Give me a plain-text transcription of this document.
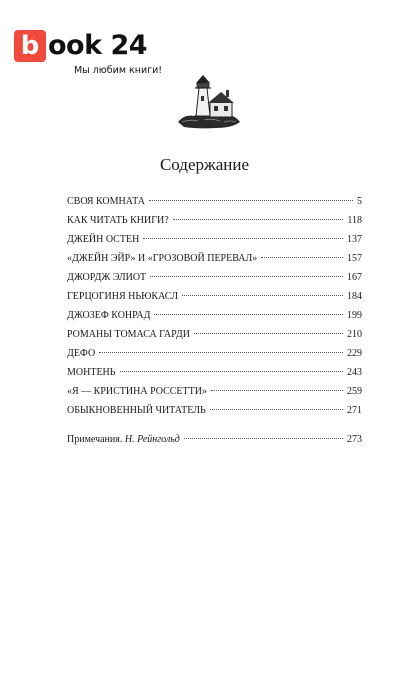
b ook 24
Мы любим книги!
Содержание
СВОЯ КОМНАТА	5
КАК ЧИТАТЬ КНИГИ?	118
ДЖЕЙН ОСТЕН	137
«ДЖЕЙН ЭЙР» И «ГРОЗОВОЙ ПЕРЕВАЛ»	157
ДЖОРДЖ ЭЛИОТ	167
ГЕРЦОГИНЯ НЬЮКАСЛ	184
ДЖОЗЕФ КОНРАД	199
РОМАНЫ ТОМАСА ГАРДИ	210
ДЕФО	229
МОНТЕНЬ	243
«Я — КРИСТИНА РОССЕТТИ»	259
ОБЫКНОВЕННЫЙ ЧИТАТЕЛЬ	271
Примечания. Н. Рейнгольд	273
